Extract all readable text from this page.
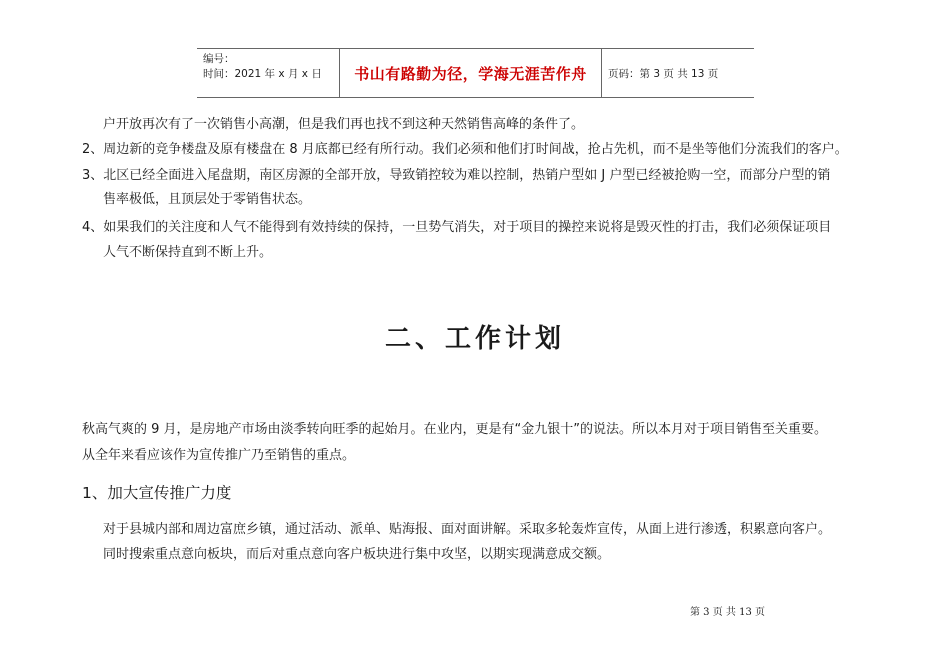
编号：
时间：2021 年 x 月 x 日	书山有路勤为径，学海无涯苦作舟	页码：第 3 页 共 13 页
户开放再次有了一次销售小高潮，但是我们再也找不到这种天然销售高峰的条件了。
2、周边新的竞争楼盘及原有楼盘在 8 月底都已经有所行动。我们必须和他们打时间战，抢占先机，而不是坐等他们分流我们的客户。
3、北区已经全面进入尾盘期，南区房源的全部开放，导致销控较为难以控制，热销户型如 J 户型已经被抢购一空，而部分户型的销
售率极低，且顶层处于零销售状态。
4、如果我们的关注度和人气不能得到有效持续的保持，一旦势气消失，对于项目的操控来说将是毁灭性的打击，我们必须保证项目
人气不断保持直到不断上升。
二、工作计划
秋高气爽的 9 月，是房地产市场由淡季转向旺季的起始月。在业内，更是有“金九银十”的说法。所以本月对于项目销售至关重要。
从全年来看应该作为宣传推广乃至销售的重点。
1、加大宣传推广力度
对于县城内部和周边富庶乡镇，通过活动、派单、贴海报、面对面讲解。采取多轮轰炸宣传，从面上进行渗透，积累意向客户。
同时搜索重点意向板块，而后对重点意向客户板块进行集中攻坚，以期实现满意成交额。
第 3 页 共 13 页
